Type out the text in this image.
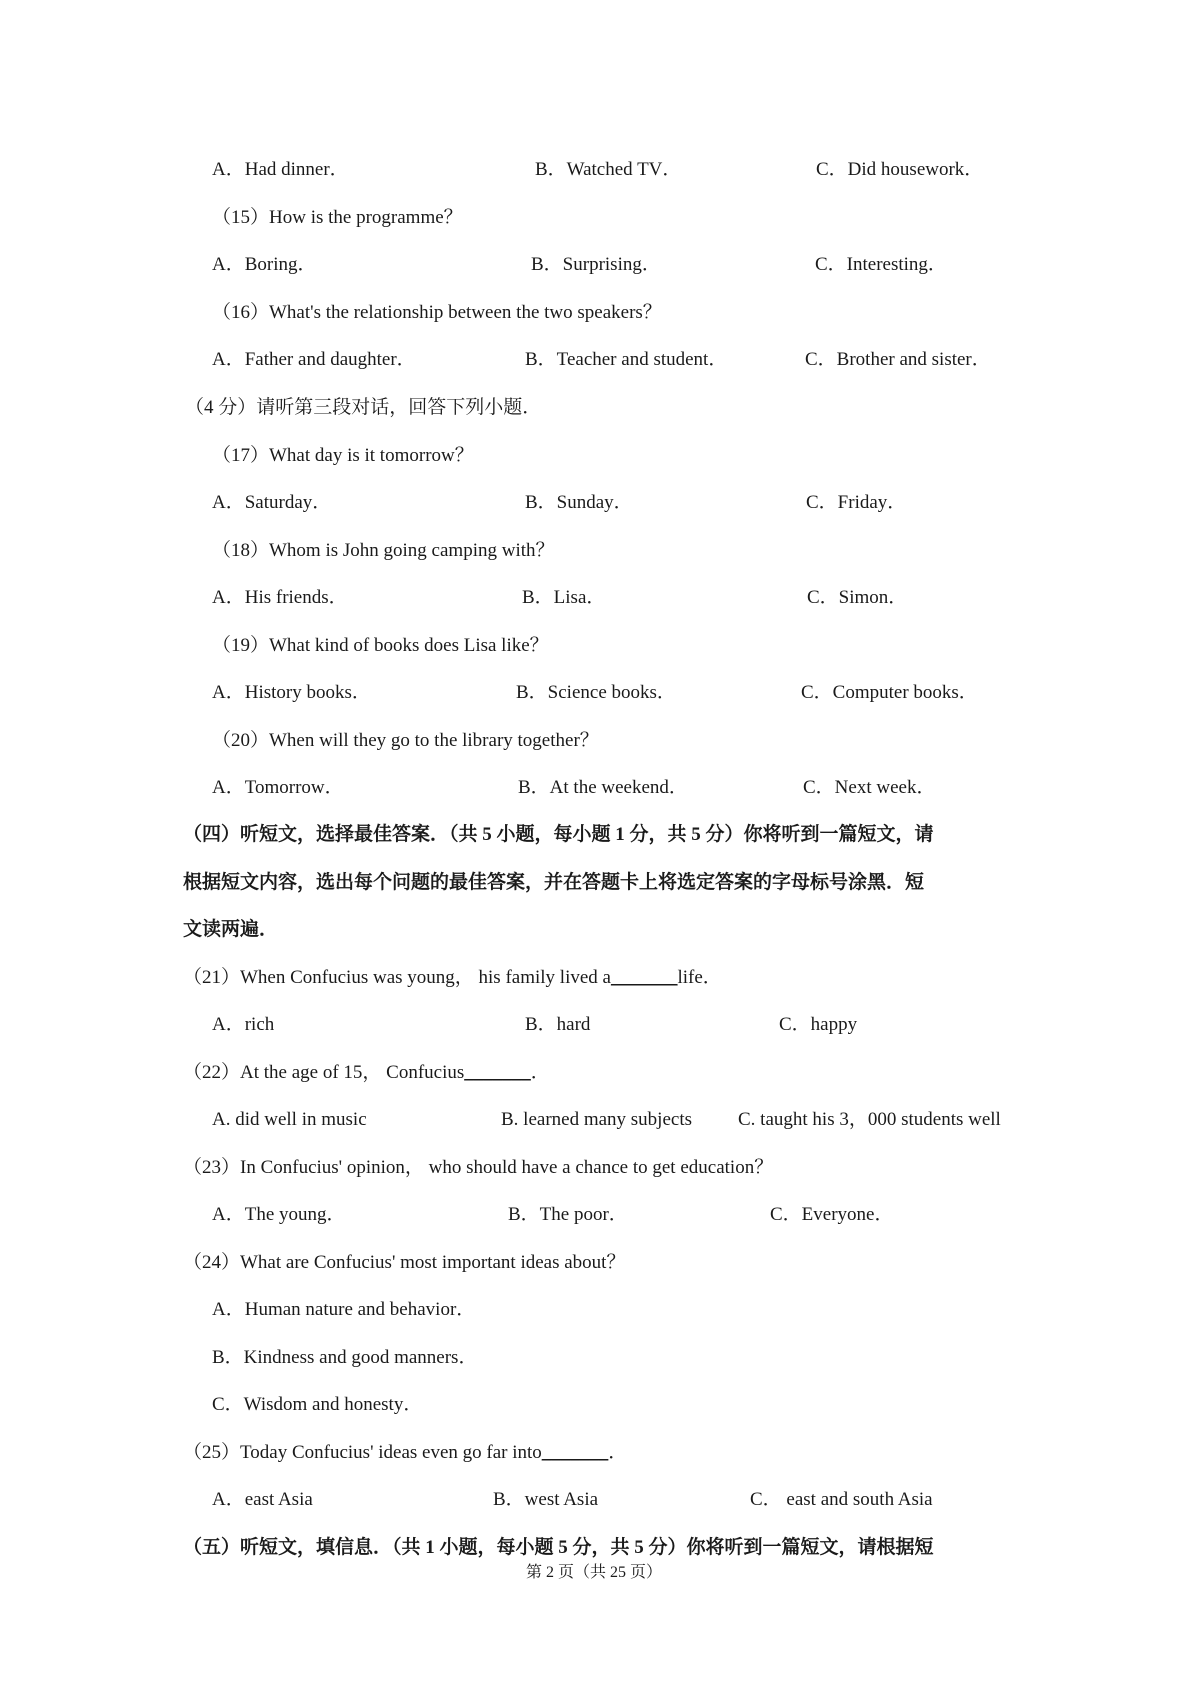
A．Had dinner．	B．Watched TV．	C．Did housework．
（15）How is the programme？
A．Boring．	B．Surprising．	C．Interesting．
（16）What's the relationship between the two speakers？
A．Father and daughter．	B．Teacher and student．	C．Brother and sister．
（4 分）请听第三段对话，回答下列小题．
（17）What day is it tomorrow？
A．Saturday．	B．Sunday．	C．Friday．
（18）Whom is John going camping with？
A．His friends．	B．Lisa．	C．Simon．
（19）What kind of books does Lisa like？
A．History books．	B．Science books．	C．Computer books．
（20）When will they go to the library together？
A．Tomorrow．	B．At the weekend．	C．Next week．
（四）听短文，选择最佳答案．（共 5 小题，每小题 1 分，共 5 分）你将听到一篇短文，请
根据短文内容，选出每个问题的最佳答案，并在答题卡上将选定答案的字母标号涂黑．短
文读两遍．
（21）When Confucius was young， his family lived a_______life．
A．rich	B．hard	C．happy
（22）At the age of 15， Confucius_______．
A. did well in music	B. learned many subjects C. taught his 3，000 students well
（23）In Confucius' opinion， who should have a chance to get education？
A．The young．	B．The poor．	C．Everyone．
（24）What are Confucius' most important ideas about？
A．Human nature and behavior．
B．Kindness and good manners．
C．Wisdom and honesty．
（25）Today Confucius' ideas even go far into_______．
A．east Asia	B．west Asia	C． east and south Asia
（五）听短文，填信息．（共 1 小题，每小题 5 分，共 5 分）你将听到一篇短文，请根据短
第 2 页（共 25 页）
